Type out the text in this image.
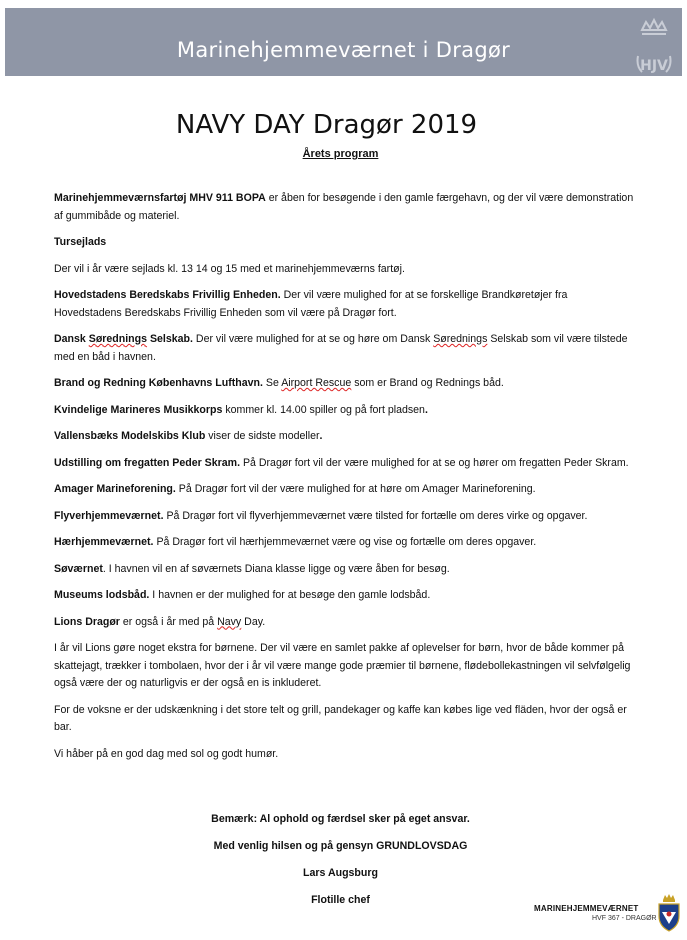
Marinehjemmeværnet i Dragør
HJV
NAVY DAY Dragør 2019
Årets program

Marinehjemmeværnsfartøj MHV 911 BOPA er åben for besøgende i den gamle færgehavn, og der vil være demonstration af gummibåde og materiel.

Tursejlads

Der vil i år være sejlads kl. 13 14 og 15 med et marinehjemmeværns fartøj.

Hovedstadens Beredskabs Frivillig Enheden. Der vil være mulighed for at se forskellige Brandkøretøjer fra Hovedstadens Beredskabs Frivillig Enheden som vil være på Dragør fort.

Dansk Sørednings Selskab. Der vil være mulighed for at se og høre om Dansk Sørednings Selskab som vil være tilstede med en båd i havnen.

Brand og Redning Københavns Lufthavn. Se Airport Rescue som er Brand og Rednings båd.

Kvindelige Marineres Musikkorps kommer kl. 14.00 spiller og på fort pladsen.

Vallensbæks Modelskibs Klub viser de sidste modeller.

Udstilling om fregatten Peder Skram. På Dragør fort vil der være mulighed for at se og hører om fregatten Peder Skram.

Amager Marineforening. På Dragør fort vil der være mulighed for at høre om Amager Marineforening.

Flyverhjemmeværnet. På Dragør fort vil flyverhjemmeværnet være tilsted for fortælle om deres virke og opgaver.

Hærhjemmeværnet. På Dragør fort vil hærhjemmeværnet være og vise og fortælle om deres opgaver.

Søværnet. I havnen vil en af søværnets Diana klasse ligge og være åben for besøg.

Museums lodsbåd. I havnen er der mulighed for at besøge den gamle lodsbåd.

Lions Dragør er også i år med på Navy Day.

I år vil Lions gøre noget ekstra for børnene. Der vil være en samlet pakke af oplevelser for børn, hvor de både kommer på skattejagt, trækker i tombolaen, hvor der i år vil være mange gode præmier til børnene, flødebollekastningen vil selvfølgelig også være der og naturligvis er der også en is inkluderet.

For de voksne er der udskænkning i det store telt og grill, pandekager og kaffe kan købes lige ved fläden, hvor der også er bar.

Vi håber på en god dag med sol og godt humør.

Bemærk: Al ophold og færdsel sker på eget ansvar.
Med venlig hilsen og på gensyn GRUNDLOVSDAG
Lars Augsburg
Flotille chef
MARINEHJEMMEVÆRNET
HVF 367 - DRAGØR
